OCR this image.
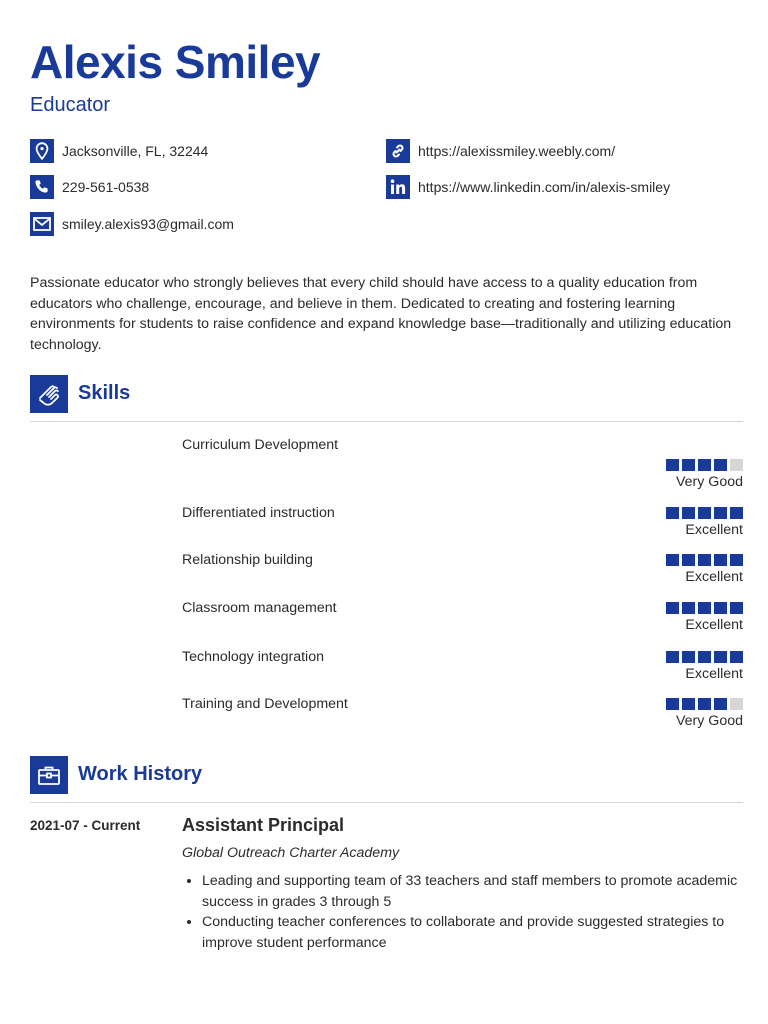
Alexis Smiley
Educator
Jacksonville, FL, 32244
229-561-0538
smiley.alexis93@gmail.com
https://alexissmiley.weebly.com/
https://www.linkedin.com/in/alexis-smiley
Passionate educator who strongly believes that every child should have access to a quality education from educators who challenge, encourage, and believe in them. Dedicated to creating and fostering learning environments for students to raise confidence and expand knowledge base—traditionally and utilizing education technology.
Skills
Curriculum Development
Very Good
Differentiated instruction
Excellent
Relationship building
Excellent
Classroom management
Excellent
Technology integration
Excellent
Training and Development
Very Good
Work History
2021-07 - Current Assistant Principal
Global Outreach Charter Academy
• Leading and supporting team of 33 teachers and staff members to promote academic success in grades 3 through 5
• Conducting teacher conferences to collaborate and provide suggested strategies to improve student performance
